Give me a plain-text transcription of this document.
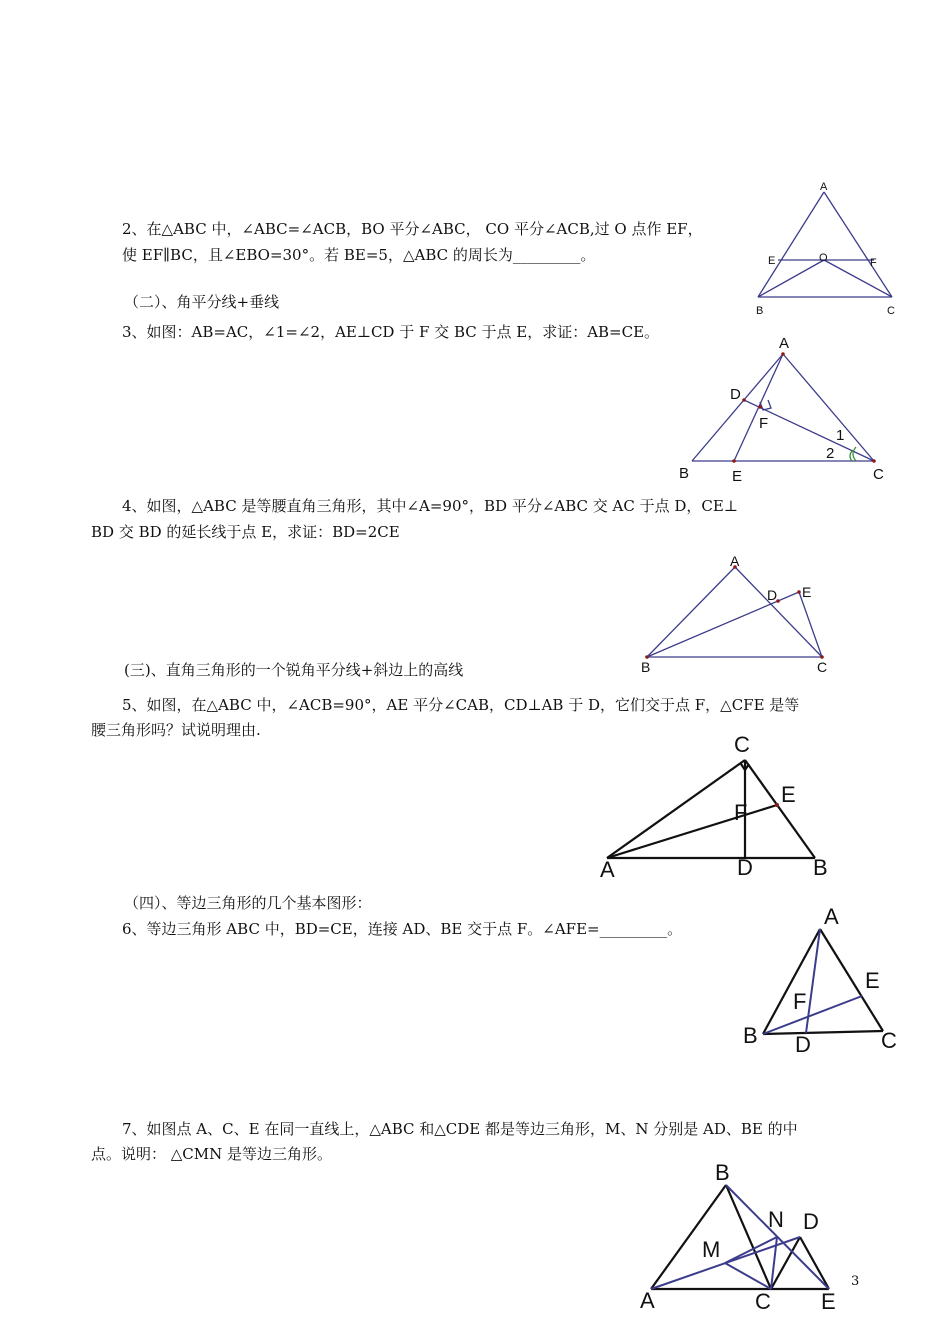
2、在△ABC 中，∠ABC=∠ACB，BO 平分∠ABC， CO 平分∠ACB,过 O 点作 EF，

使 EF∥BC，且∠EBO=30°。若 BE=5，△ABC 的周长为_________。

A
E	O	F
B	C

（二）、角平分线+垂线

3、如图：AB=AC，∠1=∠2，AE⊥CD 于 F 交 BC 于点 E，求证：AB=CE。

A
D
F
1
2
B	E	C

4、如图，△ABC 是等腰直角三角形，其中∠A=90°，BD 平分∠ABC 交 AC 于点 D，CE⊥

BD 交 BD 的延长线于点 E，求证：BD=2CE

A
D E
B	C

(三)、直角三角形的一个锐角平分线+斜边上的高线

5、如图，在△ABC 中，∠ACB=90°，AE 平分∠CAB，CD⊥AB 于 D，它们交于点 F，△CFE 是等

腰三角形吗？试说明理由.

C
E
F
A	D	B

（四）、等边三角形的几个基本图形：

6、等边三角形 ABC 中，BD=CE，连接 AD、BE 交于点 F。∠AFE=_________。	A
E
F
B D	C

7、如图点 A、C、E 在同一直线上，△ABC 和△CDE 都是等边三角形，M、N 分别是 AD、BE 的中

点。说明： △CMN 是等边三角形。

B
N D
M
A	C E
3
